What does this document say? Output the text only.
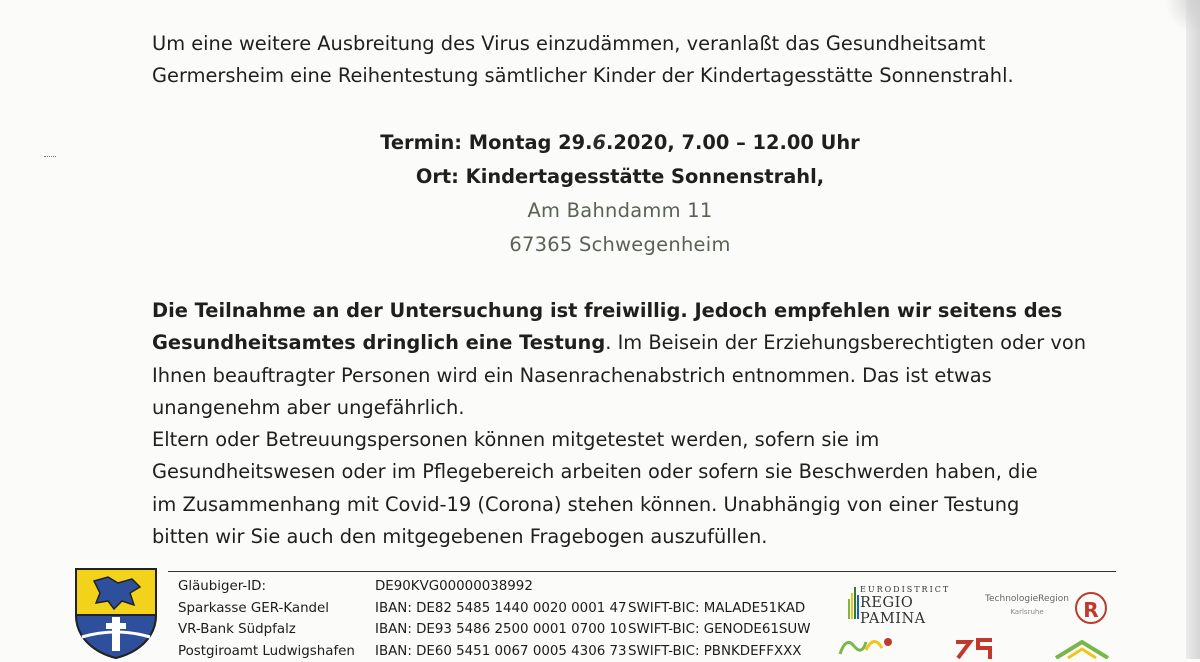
Um eine weitere Ausbreitung des Virus einzudämmen, veranlaßt das Gesundheitsamt
Germersheim eine Reihentestung sämtlicher Kinder der Kindertagesstätte Sonnenstrahl.
Termin: Montag 29.6.2020, 7.00 – 12.00 Uhr
Ort: Kindertagesstätte Sonnenstrahl,
Am Bahndamm 11
67365 Schwegenheim
Die Teilnahme an der Untersuchung ist freiwillig. Jedoch empfehlen wir seitens des
Gesundheitsamtes dringlich eine Testung. Im Beisein der Erziehungsberechtigten oder von
Ihnen beauftragter Personen wird ein Nasenrachenabstrich entnommen. Das ist etwas
unangenehm aber ungefährlich.
Eltern oder Betreuungspersonen können mitgetestet werden, sofern sie im
Gesundheitswesen oder im Pflegebereich arbeiten oder sofern sie Beschwerden haben, die
im Zusammenhang mit Covid-19 (Corona) stehen können. Unabhängig von einer Testung
bitten wir Sie auch den mitgegebenen Fragebogen auszufüllen.
Gläubiger-ID:
Sparkasse GER-Kandel
VR-Bank Südpfalz
Postgiroamt Ludwigshafen
DE90KVG00000038992
IBAN: DE82 5485 1440 0020 0001 47
IBAN: DE93 5486 2500 0001 0700 10
IBAN: DE60 5451 0067 0005 4306 73
SWIFT-BIC: MALADE51KAD
SWIFT-BIC: GENODE61SUW
SWIFT-BIC: PBNKDEFFXXX
EURODISTRICT
REGIO PAMINA
TechnologieRegion
Karlsruhe	R
